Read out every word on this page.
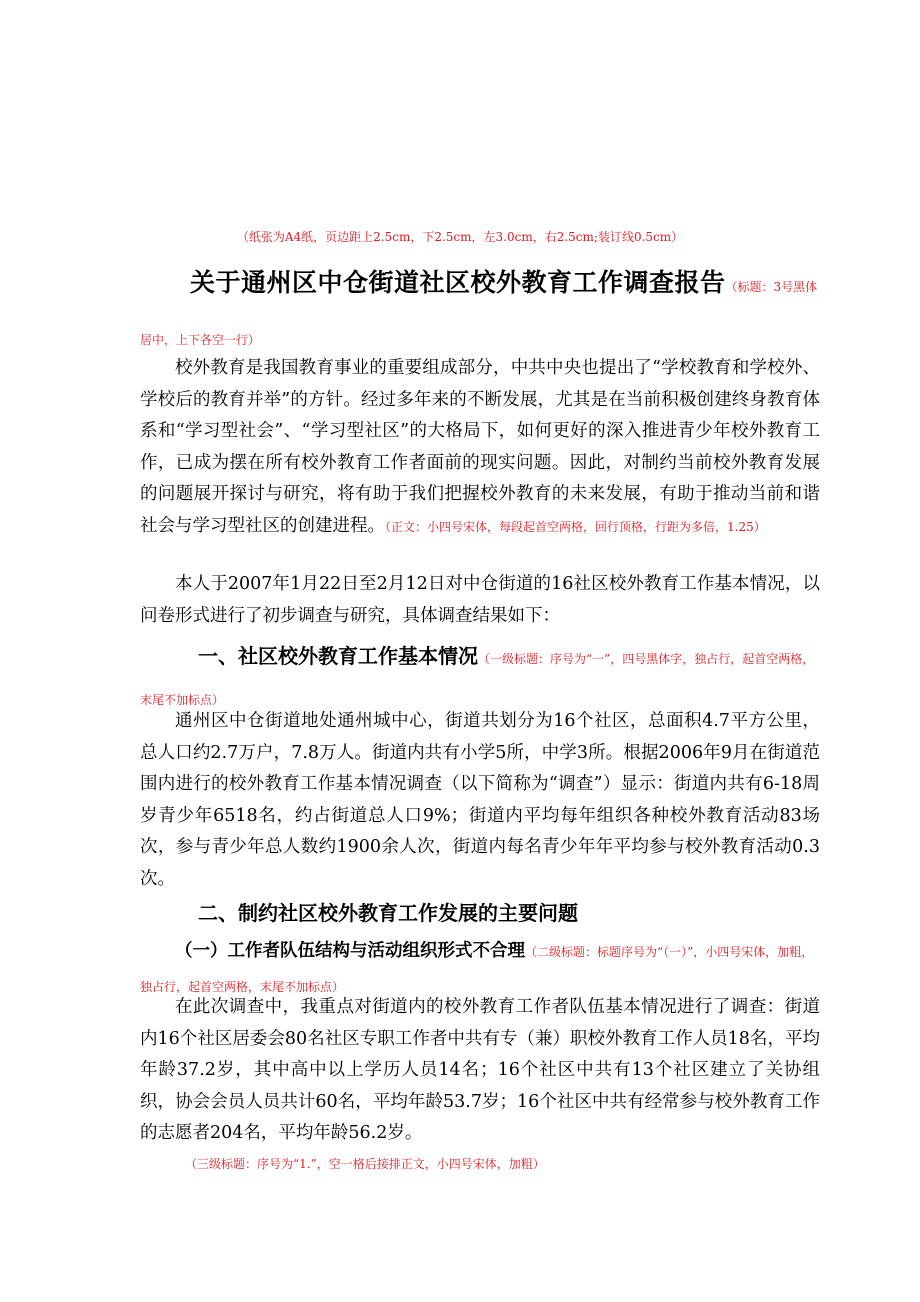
（纸张为A4纸，页边距上2.5cm，下2.5cm，左3.0cm，右2.5cm;装订线0.5cm）
关于通州区中仓街道社区校外教育工作调查报告（标题：3号黑体居中，上下各空一行）

校外教育是我国教育事业的重要组成部分，中共中央也提出了“学校教育和学校外、学校后的教育并举”的方针。经过多年来的不断发展，尤其是在当前积极创建终身教育体系和“学习型社会”、“学习型社区”的大格局下，如何更好的深入推进青少年校外教育工作，已成为摆在所有校外教育工作者面前的现实问题。因此，对制约当前校外教育发展的问题展开探讨与研究，将有助于我们把握校外教育的未来发展，有助于推动当前和谐社会与学习型社区的创建进程。（正文：小四号宋体，每段起首空两格，回行顶格，行距为多倍，1.25）

本人于2007年1月22日至2月12日对中仓街道的16社区校外教育工作基本情况，以问卷形式进行了初步调查与研究，具体调查结果如下：

一、社区校外教育工作基本情况（一级标题：序号为“一”，四号黑体字，独占行，起首空两格，末尾不加标点）

通州区中仓街道地处通州城中心，街道共划分为16个社区，总面积4.7平方公里，总人口约2.7万户，7.8万人。街道内共有小学5所，中学3所。根据2006年9月在街道范围内进行的校外教育工作基本情况调查（以下简称为“调查”）显示：街道内共有6-18周岁青少年6518名，约占街道总人口9%；街道内平均每年组织各种校外教育活动83场次，参与青少年总人数约1900余人次，街道内每名青少年年平均参与校外教育活动0.3次。

二、制约社区校外教育工作发展的主要问题
（一）工作者队伍结构与活动组织形式不合理（二级标题：标题序号为“（一）”，小四号宋体，加粗，独占行，起首空两格，末尾不加标点）

在此次调查中，我重点对街道内的校外教育工作者队伍基本情况进行了调查：街道内16个社区居委会80名社区专职工作者中共有专（兼）职校外教育工作人员18名，平均年龄37.2岁，其中高中以上学历人员14名；16个社区中共有13个社区建立了关协组织，协会会员人员共计60名，平均年龄53.7岁；16个社区中共有经常参与校外教育工作的志愿者204名，平均年龄56.2岁。

（三级标题：序号为“1.”，空一格后接排正文，小四号宋体，加粗）
